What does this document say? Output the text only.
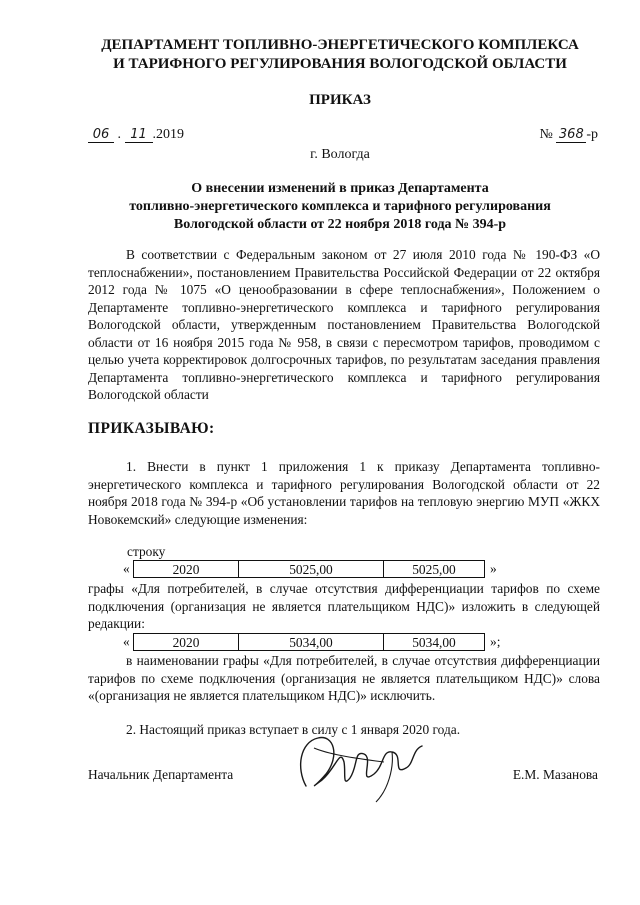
ДЕПАРТАМЕНТ ТОПЛИВНО-ЭНЕРГЕТИЧЕСКОГО КОМПЛЕКСА
И ТАРИФНОГО РЕГУЛИРОВАНИЯ ВОЛОГОДСКОЙ ОБЛАСТИ
ПРИКАЗ
06 . 11 .2019	№ 368 -р
г. Вологда
О внесении изменений в приказ Департамента
топливно-энергетического комплекса и тарифного регулирования
Вологодской области от 22 ноября 2018 года № 394-р

В соответствии с Федеральным законом от 27 июля 2010 года № 190-ФЗ «О теплоснабжении», постановлением Правительства Российской Федерации от 22 октября 2012 года № 1075 «О ценообразовании в сфере теплоснабжения», Положением о Департаменте топливно-энергетического комплекса и тарифного регулирования Вологодской области, утвержденным постановлением Правительства Вологодской области от 16 ноября 2015 года № 958, в связи с пересмотром тарифов, проводимом с целью учета корректировок долгосрочных тарифов, по результатам заседания правления Департамента топливно-энергетического комплекса и тарифного регулирования Вологодской области

ПРИКАЗЫВАЮ:

1. Внести в пункт 1 приложения 1 к приказу Департамента топливно-энергетического комплекса и тарифного регулирования Вологодской области от 22 ноября 2018 года № 394-р «Об установлении тарифов на тепловую энергию МУП «ЖКХ Новокемский» следующие изменения:

строку
«	2020	5025,00	5025,00	»

графы «Для потребителей, в случае отсутствия дифференциации тарифов по схеме подключения (организация не является плательщиком НДС)» изложить в следующей редакции:

«	2020	5034,00	5034,00	»;

в наименовании графы «Для потребителей, в случае отсутствия дифференциации тарифов по схеме подключения (организация не является плательщиком НДС)» слова «(организация не является плательщиком НДС)» исключить.

2. Настоящий приказ вступает в силу с 1 января 2020 года.

Начальник Департамента	Е.М. Мазанова
